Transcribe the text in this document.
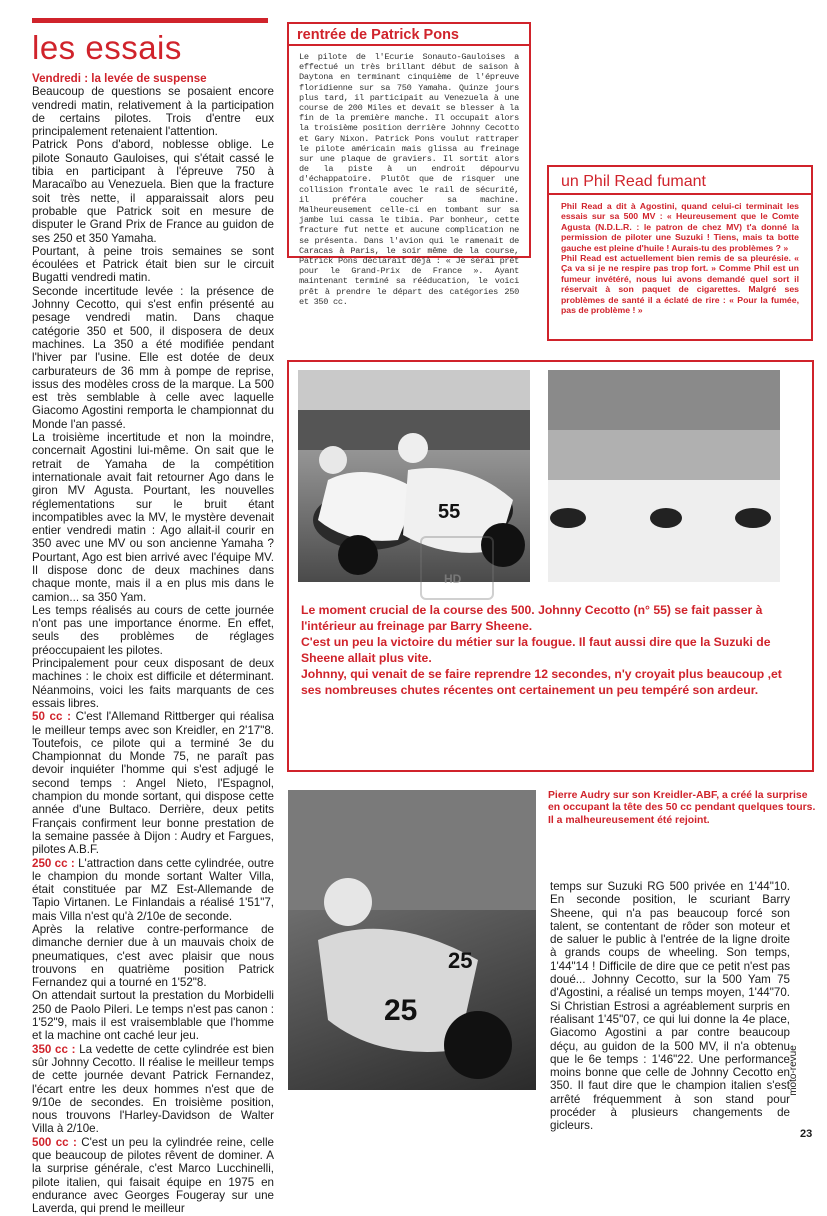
les essais

Vendredi : la levée de suspense

Beaucoup de questions se posaient encore vendredi matin, relativement à la participation de certains pilotes. Trois d'entre eux principalement retenaient l'attention.

Patrick Pons d'abord, noblesse oblige. Le pilote Sonauto Gauloises, qui s'était cassé le tibia en participant à l'épreuve 750 à Maracaïbo au Venezuela. Bien que la fracture soit très nette, il apparaissait alors peu probable que Patrick soit en mesure de disputer le Grand Prix de France au guidon de ses 250 et 350 Yamaha.

Pourtant, à peine trois semaines se sont écoulées et Patrick était bien sur le circuit Bugatti vendredi matin.

Seconde incertitude levée : la présence de Johnny Cecotto, qui s'est enfin présenté au pesage vendredi matin. Dans chaque catégorie 350 et 500, il disposera de deux machines. La 350 a été modifiée pendant l'hiver par l'usine. Elle est dotée de deux carburateurs de 36 mm à pompe de reprise, issus des modèles cross de la marque. La 500 est très semblable à celle avec laquelle Giacomo Agostini remporta le championnat du Monde l'an passé.

La troisième incertitude et non la moindre, concernait Agostini lui-même. On sait que le retrait de Yamaha de la compétition internationale avait fait retourner Ago dans le giron MV Agusta. Pourtant, les nouvelles réglementations sur le bruit étant incompatibles avec la MV, le mystère devenait entier vendredi matin : Ago allait-il courir en 350 avec une MV ou son ancienne Yamaha ? Pourtant, Ago est bien arrivé avec l'équipe MV. Il dispose donc de deux machines dans chaque monte, mais il a en plus mis dans le camion... sa 350 Yam.

Les temps réalisés au cours de cette journée n'ont pas une importance énorme. En effet, seuls des problèmes de réglages préoccupaient les pilotes.

Principalement pour ceux disposant de deux machines : le choix est difficile et déterminant. Néanmoins, voici les faits marquants de ces essais libres.

50 cc : C'est l'Allemand Rittberger qui réalisa le meilleur temps avec son Kreidler, en 2'17"8. Toutefois, ce pilote qui a terminé 3e du Championnat du Monde 75, ne paraît pas devoir inquiéter l'homme qui s'est adjugé le second temps : Angel Nieto, l'Espagnol, champion du monde sortant, qui dispose cette année d'une Bultaco. Derrière, deux petits Français confirment leur bonne prestation de la semaine passée à Dijon : Audry et Fargues, pilotes A.B.F.

250 cc : L'attraction dans cette cylindrée, outre le champion du monde sortant Walter Villa, était constituée par MZ Est-Allemande de Tapio Virtanen. Le Finlandais a réalisé 1'51"7, mais Villa n'est qu'à 2/10e de seconde.

Après la relative contre-performance de dimanche dernier due à un mauvais choix de pneumatiques, c'est avec plaisir que nous trouvons en quatrième position Patrick Fernandez qui a tourné en 1'52"8.

On attendait surtout la prestation du Morbidelli 250 de Paolo Pileri. Le temps n'est pas canon : 1'52"9, mais il est vraisemblable que l'homme et la machine ont caché leur jeu.

350 cc : La vedette de cette cylindrée est bien sûr Johnny Cecotto. Il réalise le meilleur temps de cette journée devant Patrick Fernandez, l'écart entre les deux hommes n'est que de 9/10e de secondes. En troisième position, nous trouvons l'Harley-Davidson de Walter Villa à 2/10e.

500 cc : C'est un peu la cylindrée reine, celle que beaucoup de pilotes rêvent de dominer. A la surprise générale, c'est Marco Lucchinelli, pilote italien, qui faisait équipe en 1975 en endurance avec Georges Fougeray sur une Laverda, qui prend le meilleur

rentrée de Patrick Pons
Le pilote de l'Ecurie Sonauto-Gauloises a effectué un très brillant début de saison à Daytona en terminant cinquième de l'épreuve floridienne sur sa 750 Yamaha. Quinze jours plus tard, il participait au Venezuela à une course de 200 Miles et devait se blesser à la fin de la première manche. Il occupait alors la troisième position derrière Johnny Cecotto et Gary Nixon. Patrick Pons voulut rattraper le pilote américain mais glissa au freinage sur une plaque de graviers. Il sortit alors de la piste à un endroit dépourvu d'échappatoire. Plutôt que de risquer une collision frontale avec le rail de sécurité, il préféra coucher sa machine. Malheureusement celle-ci en tombant sur sa jambe lui cassa le tibia. Par bonheur, cette fracture fut nette et aucune complication ne se présenta. Dans l'avion qui le ramenait de Caracas à Paris, le soir même de la course, Patrick Pons déclarait déjà : « Je serai prêt pour le Grand-Prix de France ». Ayant maintenant terminé sa rééducation, le voici prêt à prendre le départ des catégories 250 et 350 cc.
un Phil Read fumant
Phil Read a dit à Agostini, quand celui-ci terminait les essais sur sa 500 MV : « Heureusement que le Comte Agusta (N.D.L.R. : le patron de chez MV) t'a donné la permission de piloter une Suzuki ! Tiens, mais ta botte gauche est pleine d'huile ! Aurais-tu des problèmes ? »
Phil Read est actuellement bien remis de sa pleurésie. « Ça va si je ne respire pas trop fort. » Comme Phil est un fumeur invétéré, nous lui avons demandé quel sort il réservait à son paquet de cigarettes. Malgré ses problèmes de santé il a éclaté de rire : « Pour la fumée, pas de problème ! »
55
HD
Le moment crucial de la course des 500. Johnny Cecotto (n° 55) se fait passer à l'intérieur au freinage par Barry Sheene.
C'est un peu la victoire du métier sur la fougue. Il faut aussi dire que la Suzuki de Sheene allait plus vite.
Johnny, qui venait de se faire reprendre 12 secondes, n'y croyait plus beaucoup ,et ses nombreuses chutes récentes ont certainement un peu tempéré son ardeur.
Pierre Audry sur son Kreidler-ABF, a créé la surprise en occupant la tête des 50 cc pendant quelques tours. Il a malheureusement été rejoint.
25
25
temps sur Suzuki RG 500 privée en 1'44"10. En seconde position, le scuriant Barry Sheene, qui n'a pas beaucoup forcé son talent, se contentant de rôder son moteur et de saluer le public à l'entrée de la ligne droite à grands coups de wheeling. Son temps, 1'44"14 ! Difficile de dire que ce petit n'est pas doué... Johnny Cecotto, sur la 500 Yam 75 d'Agostini, a réalisé un temps moyen, 1'44"70. Si Christian Estrosi a agréablement surpris en réalisant 1'45"07, ce qui lui donne la 4e place, Giacomo Agostini a par contre beaucoup déçu, au guidon de la 500 MV, il n'a obtenu que le 6e temps : 1'46"22. Une performance moins bonne que celle de Johnny Cecotto en 350. Il faut dire que le champion italien s'est arrêté fréquemment à son stand pour procéder à plusieurs changements de gicleurs.
moto-revue
23
